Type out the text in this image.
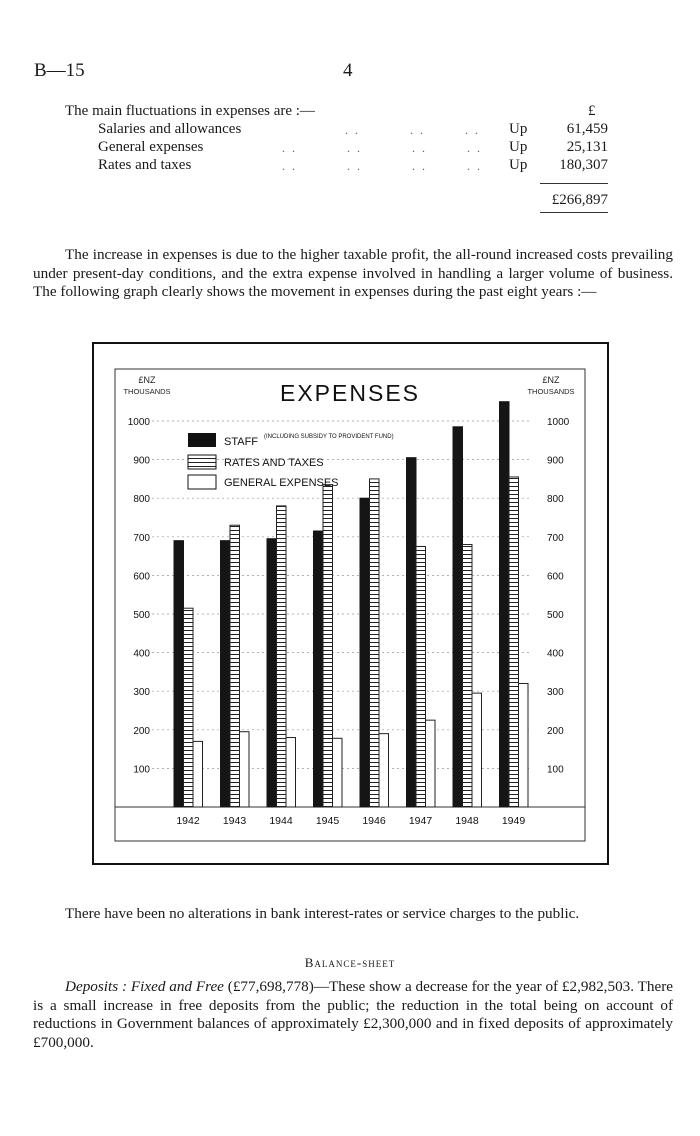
B—15	4
The main fluctuations in expenses are :—	£
Salaries and allowances	. .          . .        . . Up	61,459
General expenses	. .          . .          . .        . . Up	25,131
Rates and taxes	. .          . .          . .        . . Up	180,307
£266,897
The increase in expenses is due to the higher taxable profit, the all-round increased costs prevailing under present-day conditions, and the extra expense involved in handling a larger volume of business. The following graph clearly shows the movement in expenses during the past eight years :—
100	100
200	200
300	300
400	400
500	500
600	600
700	700
800	800
900	900
1000	1000
1942 1943 1944 1945 1946 1947 1948 1949
£NZ
THOUSANDS
£NZ
THOUSANDS
EXPENSES
STAFF (INCLUDING SUBSIDY TO PROVIDENT FUND)
RATES AND TAXES
GENERAL EXPENSES
There have been no alterations in bank interest-rates or service charges to the public.
Balance-sheet
Deposits : Fixed and Free (£77,698,778)—These show a decrease for the year of £2,982,503. There is a small increase in free deposits from the public; the reduction in the total being on account of reductions in Government balances of approximately £2,300,000 and in fixed deposits of approximately £700,000.
